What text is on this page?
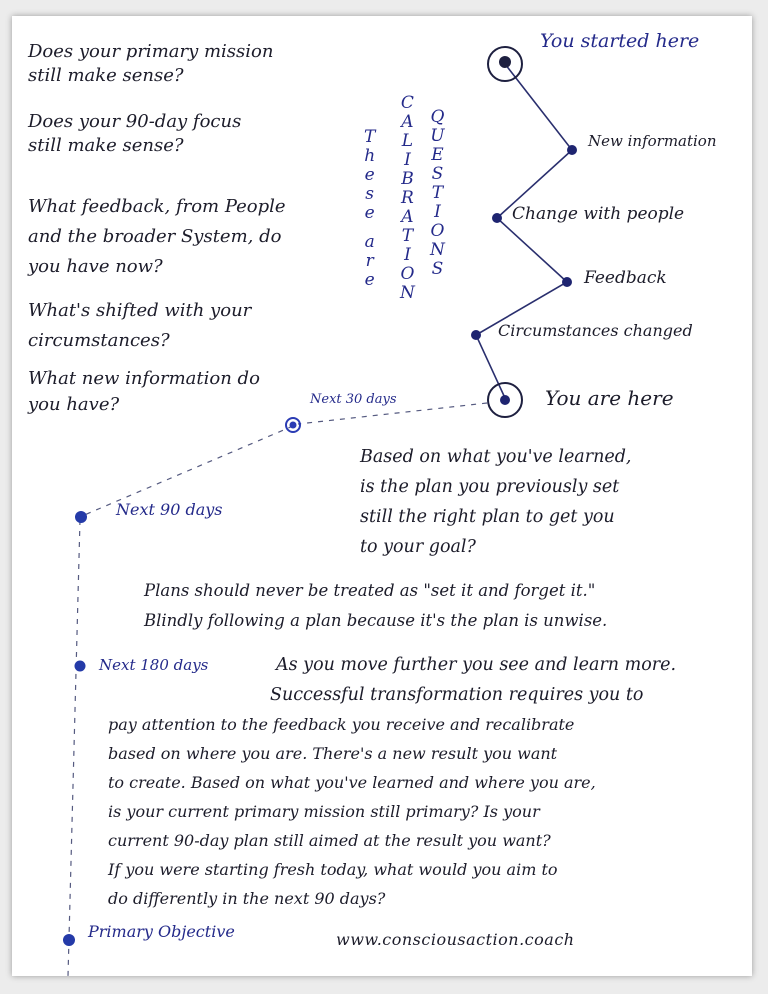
Does your primary mission
still make sense?
Does your 90-day focus
still make sense?
What feedback, from People
and the broader System, do
you have now?
What's shifted with your
circumstances?
What new information do
you have?
T
h
e
s
e

a
r
e
C
A
L
I
B
R
A
T
I
O
N
Q
U
E
S
T
I
O
N
S
You started here
New information
Change with people
Feedback
Circumstances changed
You are here
Next 30 days
Next 90 days
Next 180 days
Primary Objective
Based on what you've learned,
is the plan you previously set
still the right plan to get you
to your goal?
Plans should never be treated as "set it and forget it."
Blindly following a plan because it's the plan is unwise.
As you move further you see and learn more.
Successful transformation requires you to
pay attention to the feedback you receive and recalibrate
based on where you are. There's a new result you want
to create. Based on what you've learned and where you are,
is your current primary mission still primary? Is your
current 90-day plan still aimed at the result you want?
If you were starting fresh today, what would you aim to
do differently in the next 90 days?
www.consciousaction.coach
